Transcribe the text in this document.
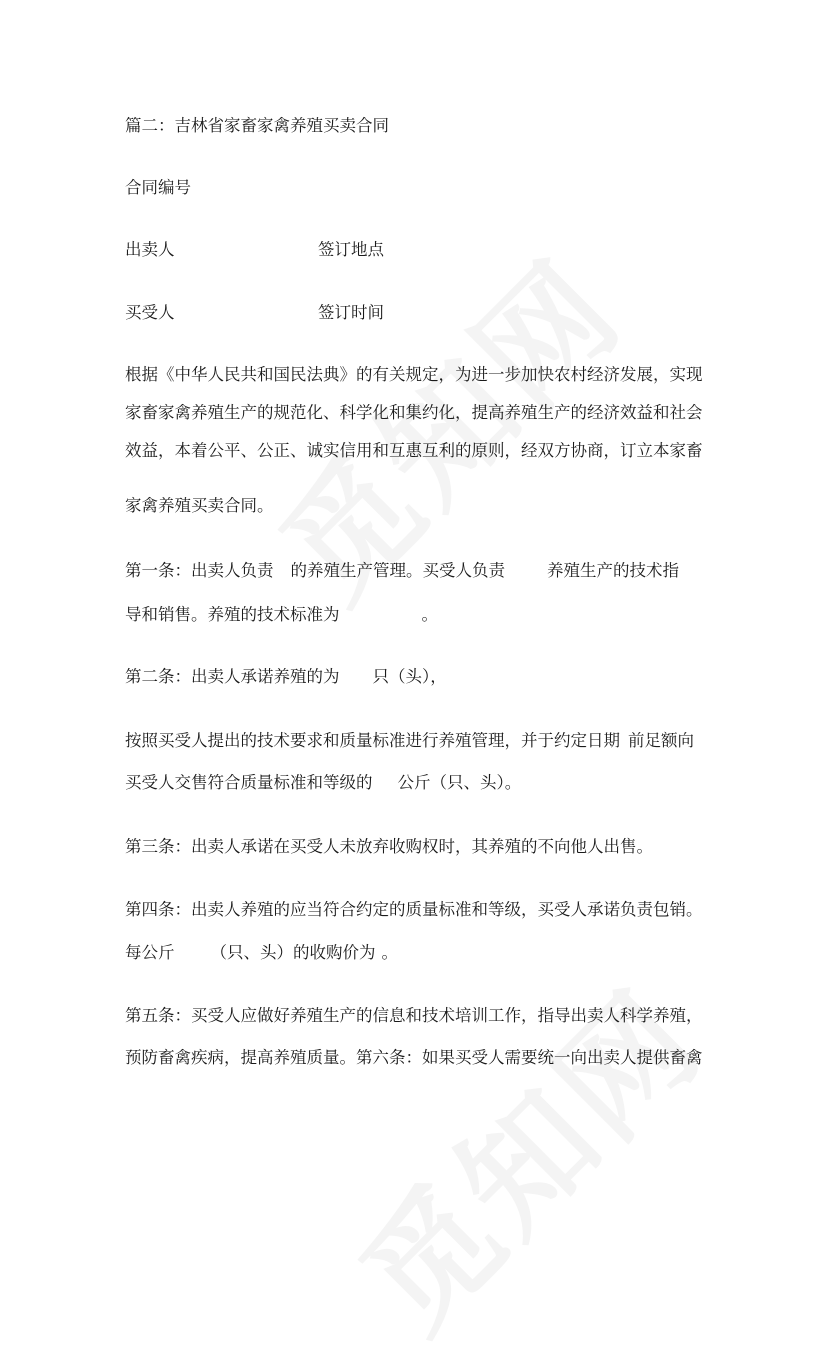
篇二：吉林省家畜家禽养殖买卖合同

合同编号

出卖人	签订地点

买受人	签订时间

根据《中华人民共和国民法典》的有关规定，为进一步加快农村经济发展，实现

家畜家禽养殖生产的规范化、科学化和集约化，提高养殖生产的经济效益和社会

效益，本着公平、公正、诚实信用和互惠互利的原则，经双方协商，订立本家畜

家禽养殖买卖合同。

第一条：出卖人负责 的养殖生产管理。买受人负责	养殖生产的技术指

导和销售。养殖的技术标准为	。

第二条：出卖人承诺养殖的为 只（头），

按照买受人提出的技术要求和质量标准进行养殖管理，并于约定日期 前足额向

买受人交售符合质量标准和等级的 公斤（只、头）。

第三条：出卖人承诺在买受人未放弃收购权时，其养殖的不向他人出售。

第四条：出卖人养殖的应当符合约定的质量标准和等级，买受人承诺负责包销。

每公斤 （只、头）的收购价为 。

第五条：买受人应做好养殖生产的信息和技术培训工作，指导出卖人科学养殖，

预防畜禽疾病，提高养殖质量。第六条：如果买受人需要统一向出卖人提供畜禽
